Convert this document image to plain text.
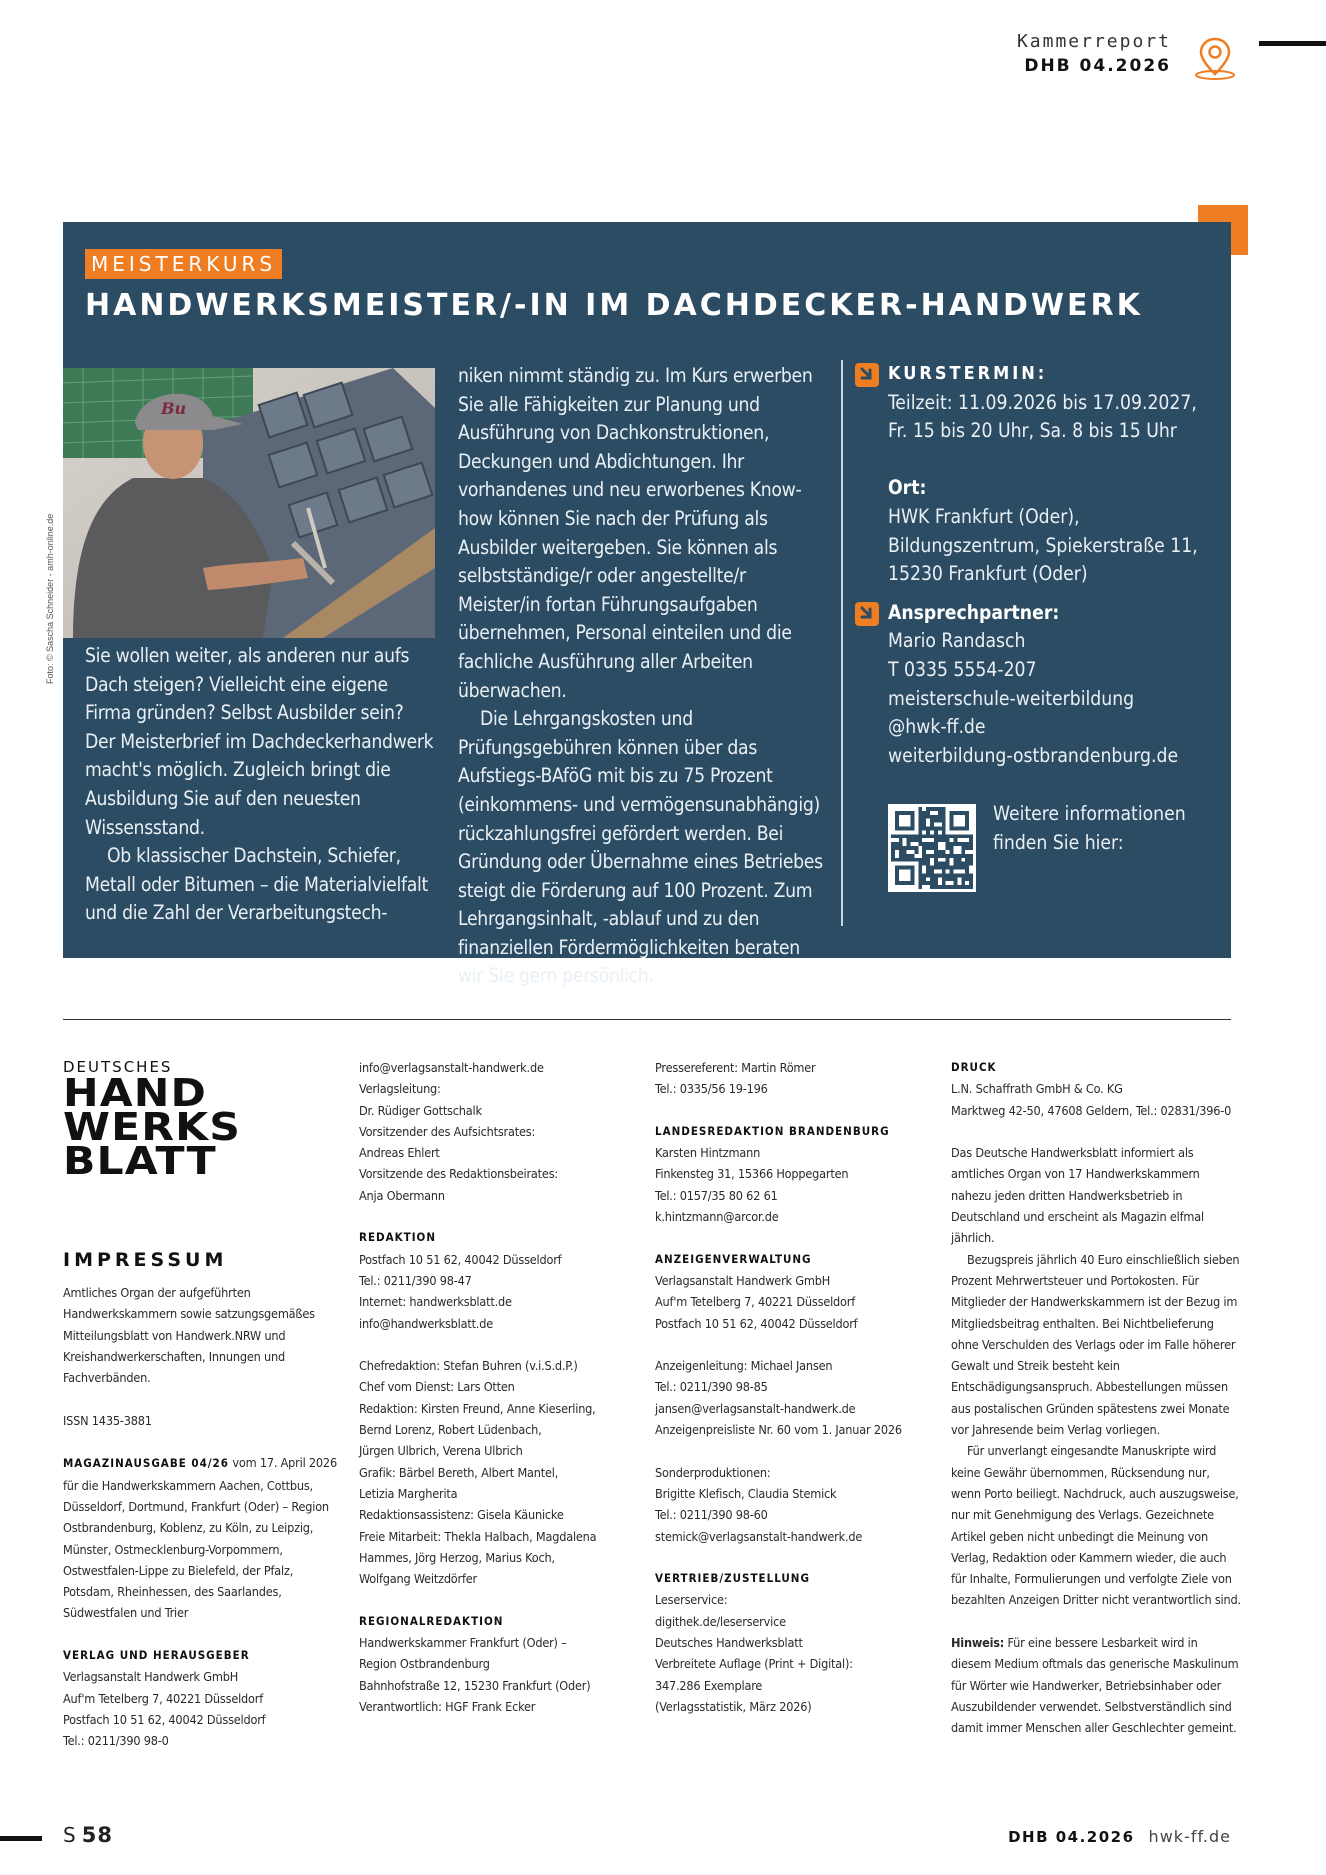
Kammerreport
DHB 04.2026
MEISTERKURS
HANDWERKSMEISTER/-IN IM DACHDECKER-HANDWERK
Bu
Foto: © Sascha Schneider - amh-online.de Sie wollen weiter, als anderen nur aufs Dach steigen? Vielleicht eine eigene Firma gründen? Selbst Ausbilder sein? Der Meisterbrief im Dachdeckerhandwerk macht's möglich. Zugleich bringt die Ausbildung Sie auf den neuesten Wissensstand.

Ob klassischer Dachstein, Schiefer, Metall oder Bitumen – die Materialvielfalt und die Zahl der Verarbeitungstech-

niken nimmt ständig zu. Im Kurs erwerben Sie alle Fähigkeiten zur Planung und Ausführung von Dachkonstruktionen, Deckungen und Abdichtungen. Ihr vorhandenes und neu erworbenes Know-how können Sie nach der Prüfung als Ausbilder weitergeben. Sie können als selbstständige/r oder angestellte/r Meister/in fortan Führungsaufgaben übernehmen, Personal einteilen und die fachliche Ausführung aller Arbeiten überwachen.

Die Lehrgangskosten und Prüfungsgebühren können über das Aufstiegs-BAföG mit bis zu 75 Prozent (einkommens- und vermögensunabhängig) rückzahlungsfrei gefördert werden. Bei Gründung oder Übernahme eines Betriebes steigt die Förderung auf 100 Prozent. Zum Lehrgangsinhalt, -ablauf und zu den finanziellen Fördermöglichkeiten beraten wir Sie gern persönlich.

KURSTERMIN:
Teilzeit: 11.09.2026 bis 17.09.2027,
Fr. 15 bis 20 Uhr, Sa. 8 bis 15 Uhr
Ort:
HWK Frankfurt (Oder),
Bildungszentrum, Spiekerstraße 11,
15230 Frankfurt (Oder)
Ansprechpartner:
Mario Randasch
T 0335 5554-207
meisterschule-weiterbildung
@hwk-ff.de
weiterbildung-ostbrandenburg.de
Weitere informationen
finden Sie hier:
DEUTSCHES
HAND
WERKS
BLATT
IMPRESSUM

Amtliches Organ der aufgeführten Handwerkskammern sowie satzungsgemäßes Mitteilungsblatt von Handwerk.NRW und Kreishandwerkerschaften, Innungen und Fachverbänden.

ISSN 1435-3881

MAGAZINAUSGABE 04/26 vom 17. April 2026

für die Handwerkskammern Aachen, Cottbus, Düsseldorf, Dortmund, Frankfurt (Oder) – Region Ostbrandenburg, Koblenz, zu Köln, zu Leipzig, Münster, Ostmecklenburg-Vorpommern, Ostwestfalen-Lippe zu Bielefeld, der Pfalz, Potsdam, Rheinhessen, des Saarlandes, Südwestfalen und Trier

VERLAG UND HERAUSGEBER

Verlagsanstalt Handwerk GmbH
Auf'm Tetelberg 7, 40221 Düsseldorf
Postfach 10 51 62, 40042 Düsseldorf
Tel.: 0211/390 98-0
info@verlagsanstalt-handwerk.de
Verlagsleitung:
Dr. Rüdiger Gottschalk
Vorsitzender des Aufsichtsrates:
Andreas Ehlert
Vorsitzende des Redaktionsbeirates:
Anja Obermann

REDAKTION

Postfach 10 51 62, 40042 Düsseldorf
Tel.: 0211/390 98-47
Internet: handwerksblatt.de
info@handwerksblatt.de
Chefredaktion: Stefan Buhren (v.i.S.d.P.)
Chef vom Dienst: Lars Otten
Redaktion: Kirsten Freund, Anne Kieserling,
Bernd Lorenz, Robert Lüdenbach,
Jürgen Ulbrich, Verena Ulbrich
Grafik: Bärbel Bereth, Albert Mantel,
Letizia Margherita
Redaktionsassistenz: Gisela Käunicke
Freie Mitarbeit: Thekla Halbach, Magdalena
Hammes, Jörg Herzog, Marius Koch,
Wolfgang Weitzdörfer

REGIONALREDAKTION

Handwerkskammer Frankfurt (Oder) –
Region Ostbrandenburg
Bahnhofstraße 12, 15230 Frankfurt (Oder)
Verantwortlich: HGF Frank Ecker
Pressereferent: Martin Römer
Tel.: 0335/56 19-196

LANDESREDAKTION BRANDENBURG

Karsten Hintzmann
Finkensteg 31, 15366 Hoppegarten
Tel.: 0157/35 80 62 61
k.hintzmann@arcor.de

ANZEIGENVERWALTUNG

Verlagsanstalt Handwerk GmbH
Auf'm Tetelberg 7, 40221 Düsseldorf
Postfach 10 51 62, 40042 Düsseldorf
Anzeigenleitung: Michael Jansen
Tel.: 0211/390 98-85
jansen@verlagsanstalt-handwerk.de
Anzeigenpreisliste Nr. 60 vom 1. Januar 2026
Sonderproduktionen:
Brigitte Klefisch, Claudia Stemick
Tel.: 0211/390 98-60
stemick@verlagsanstalt-handwerk.de

VERTRIEB/ZUSTELLUNG

Leserservice:
digithek.de/leserservice
Deutsches Handwerksblatt
Verbreitete Auflage (Print + Digital):
347.286 Exemplare
(Verlagsstatistik, März 2026)

DRUCK

L.N. Schaffrath GmbH & Co. KG
Marktweg 42-50, 47608 Geldern, Tel.: 02831/396-0

Das Deutsche Handwerksblatt informiert als amtliches Organ von 17 Handwerkskammern nahezu jeden dritten Handwerksbetrieb in Deutschland und erscheint als Magazin elfmal jährlich.

Bezugspreis jährlich 40 Euro einschließlich sieben Prozent Mehrwertsteuer und Portokosten. Für Mitglieder der Handwerkskammern ist der Bezug im Mitgliedsbeitrag enthalten. Bei Nichtbelieferung ohne Verschulden des Verlags oder im Falle höherer Gewalt und Streik besteht kein Entschädigungsanspruch. Abbestellungen müssen aus postalischen Gründen spätestens zwei Monate vor Jahresende beim Verlag vorliegen.

Für unverlangt eingesandte Manuskripte wird keine Gewähr übernommen, Rücksendung nur, wenn Porto beiliegt. Nachdruck, auch auszugsweise, nur mit Genehmigung des Verlags. Gezeichnete Artikel geben nicht unbedingt die Meinung von Verlag, Redaktion oder Kammern wieder, die auch für Inhalte, Formulierungen und verfolgte Ziele von bezahlten Anzeigen Dritter nicht verantwortlich sind.

Hinweis: Für eine bessere Lesbarkeit wird in diesem Medium oftmals das generische Maskulinum für Wörter wie Handwerker, Betriebsinhaber oder Auszubildender verwendet. Selbstverständlich sind damit immer Menschen aller Geschlechter gemeint.

S 58	DHB 04.2026 hwk-ff.de
